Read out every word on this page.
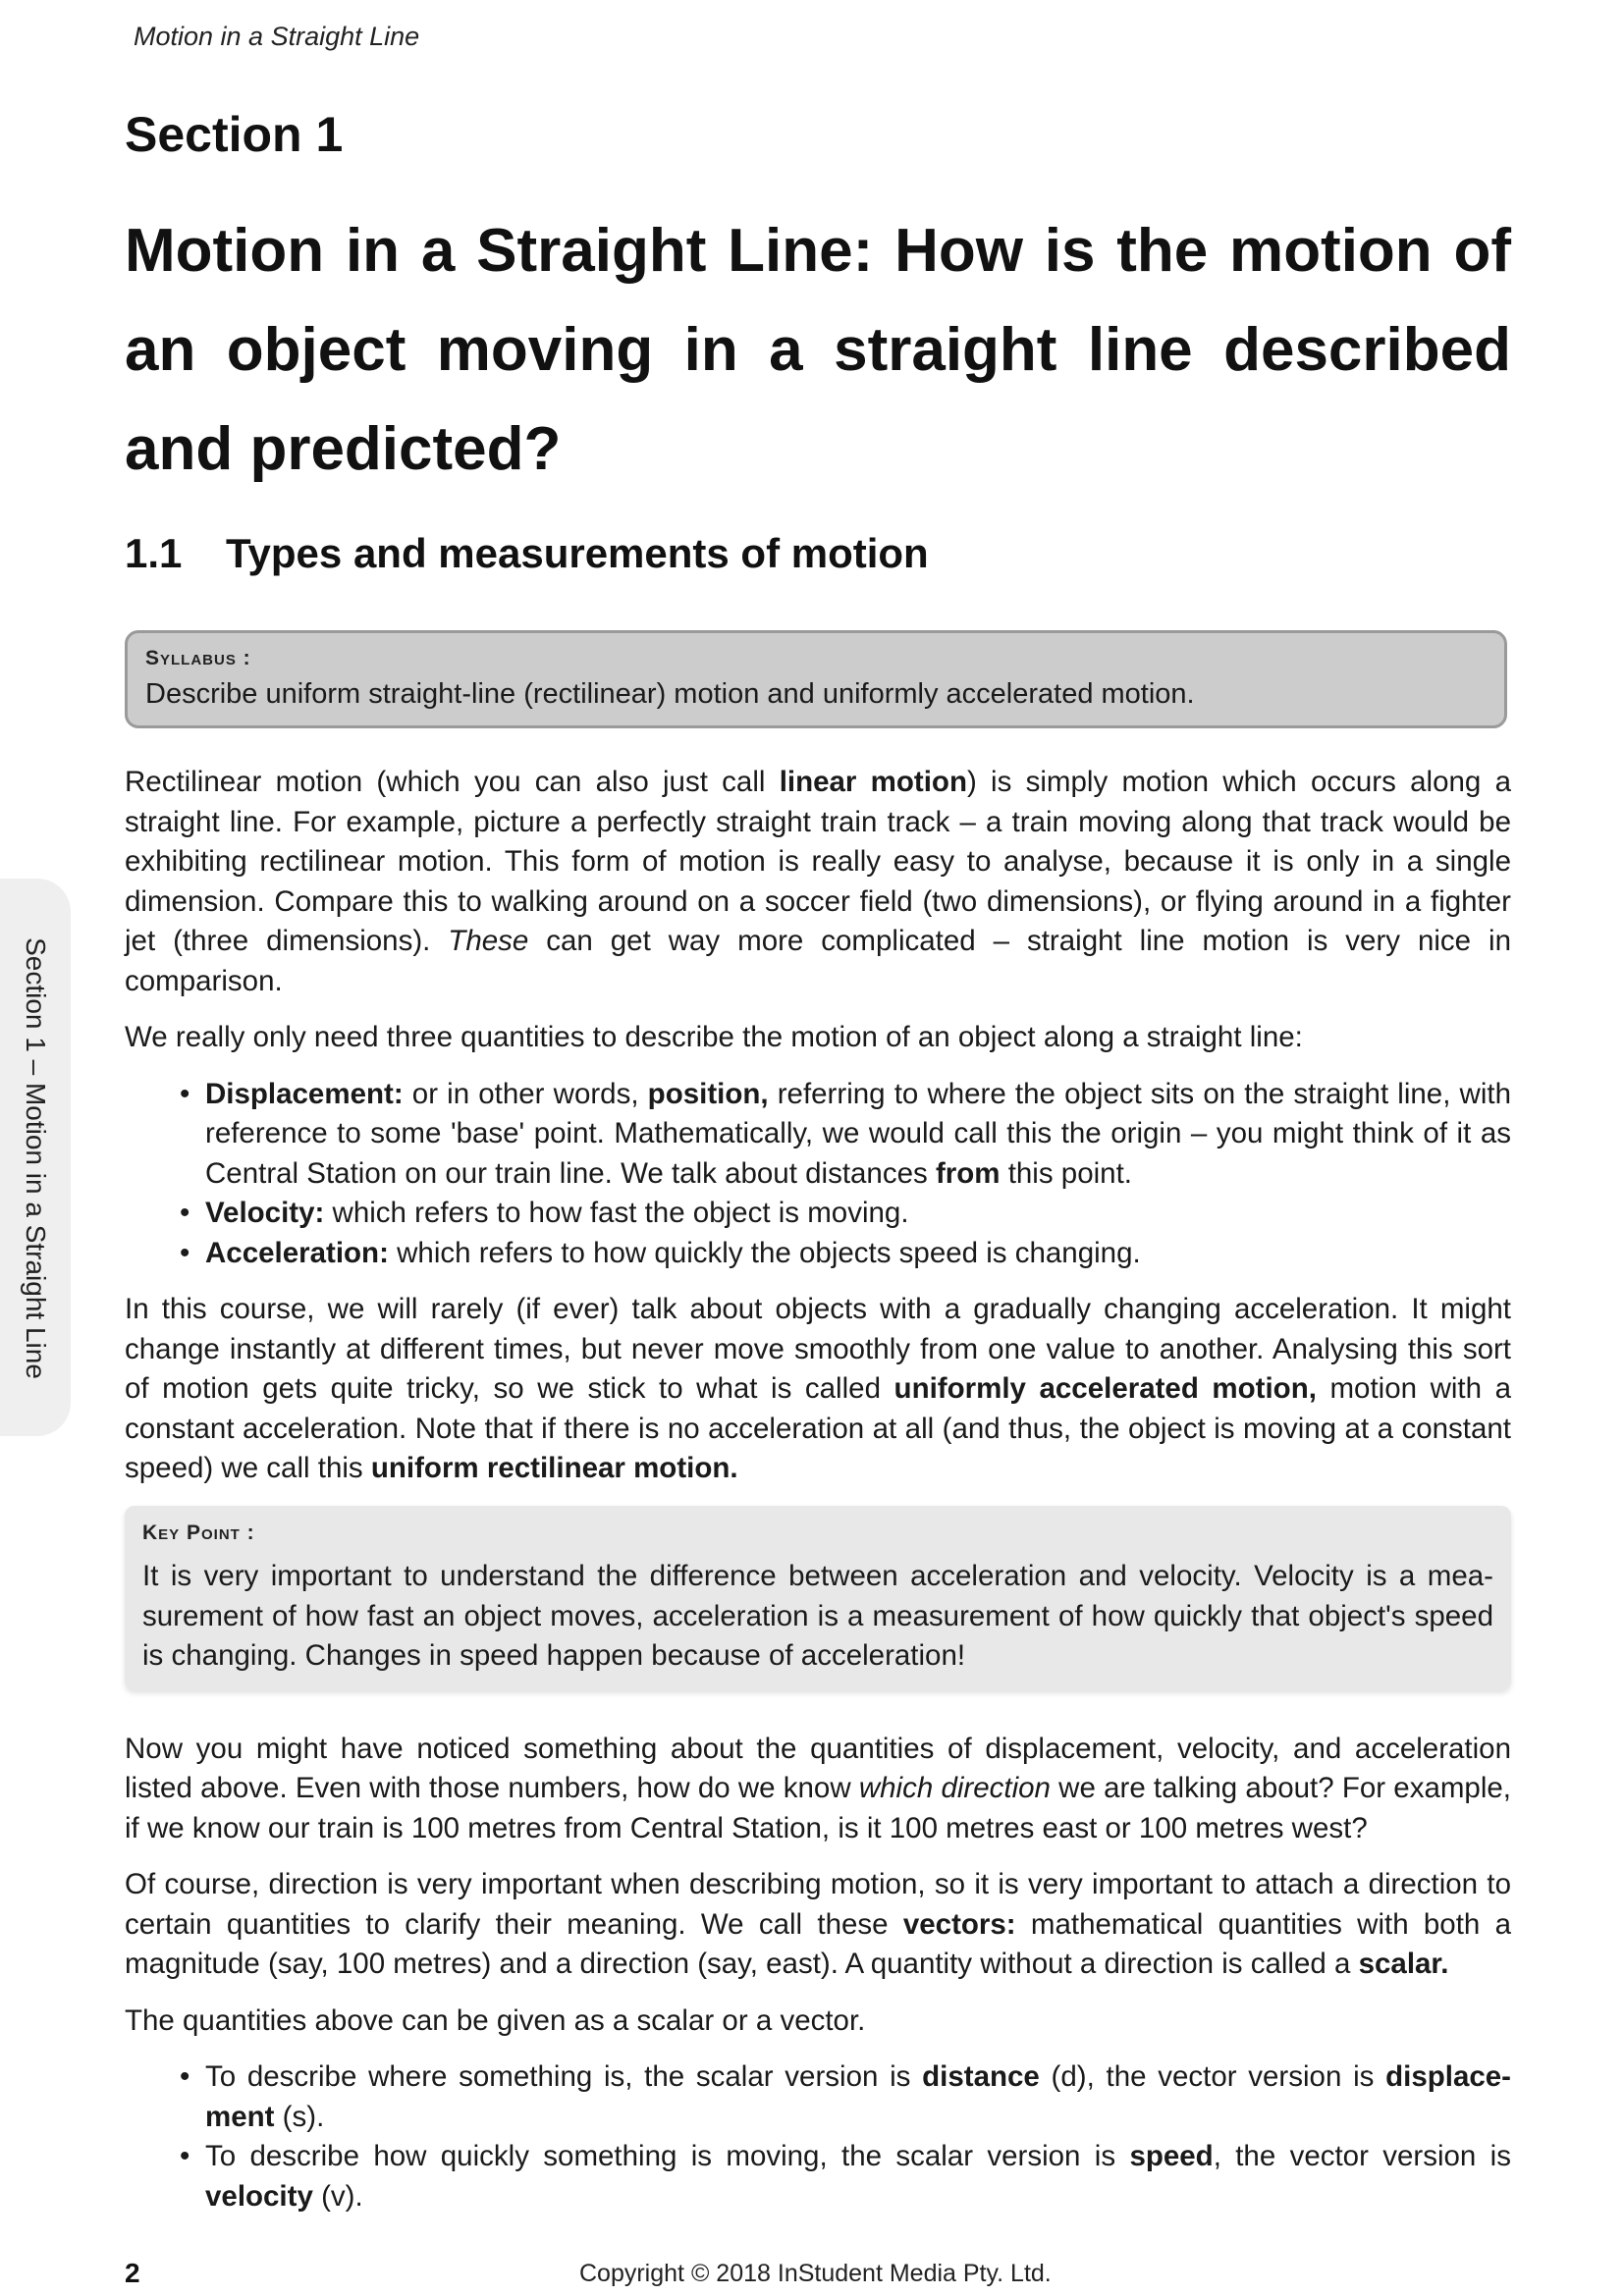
Motion in a Straight Line
Section 1
Motion in a Straight Line: How is the motion of an object moving in a straight line described and predicted?
1.1 Types and measurements of motion
Syllabus :
Describe uniform straight-line (rectilinear) motion and uniformly accelerated motion.

Rectilinear motion (which you can also just call linear motion) is simply motion which occurs along a straight line. For example, picture a perfectly straight train track – a train moving along that track would be exhibiting rectilinear motion. This form of motion is really easy to analyse, because it is only in a single dimension. Compare this to walking around on a soccer field (two dimensions), or flying around in a fighter jet (three dimensions). These can get way more complicated – straight line motion is very nice in comparison.

We really only need three quantities to describe the motion of an object along a straight line:

• Displacement: or in other words, position, referring to where the object sits on the straight line, with reference to some 'base' point. Mathematically, we would call this the origin – you might think of it as Central Station on our train line. We talk about distances from this point.
• Velocity: which refers to how fast the object is moving.
• Acceleration: which refers to how quickly the objects speed is changing.

In this course, we will rarely (if ever) talk about objects with a gradually changing acceleration. It might change instantly at different times, but never move smoothly from one value to another. Analysing this sort of motion gets quite tricky, so we stick to what is called uniformly accelerated motion, motion with a constant acceleration. Note that if there is no acceleration at all (and thus, the object is moving at a constant speed) we call this uniform rectilinear motion.

Key Point :
It is very important to understand the difference between acceleration and velocity. Velocity is a measurement of how fast an object moves, acceleration is a measurement of how quickly that object's speed is changing. Changes in speed happen because of acceleration!

Now you might have noticed something about the quantities of displacement, velocity, and acceleration listed above. Even with those numbers, how do we know which direction we are talking about? For example, if we know our train is 100 metres from Central Station, is it 100 metres east or 100 metres west?

Of course, direction is very important when describing motion, so it is very important to attach a direction to certain quantities to clarify their meaning. We call these vectors: mathematical quantities with both a magnitude (say, 100 metres) and a direction (say, east). A quantity without a direction is called a scalar.

The quantities above can be given as a scalar or a vector.

• To describe where something is, the scalar version is distance (d), the vector version is displacement (s).
• To describe how quickly something is moving, the scalar version is speed, the vector version is velocity (v).
Section 1 – Motion in a Straight Line
2	Copyright © 2018 InStudent Media Pty. Ltd.
